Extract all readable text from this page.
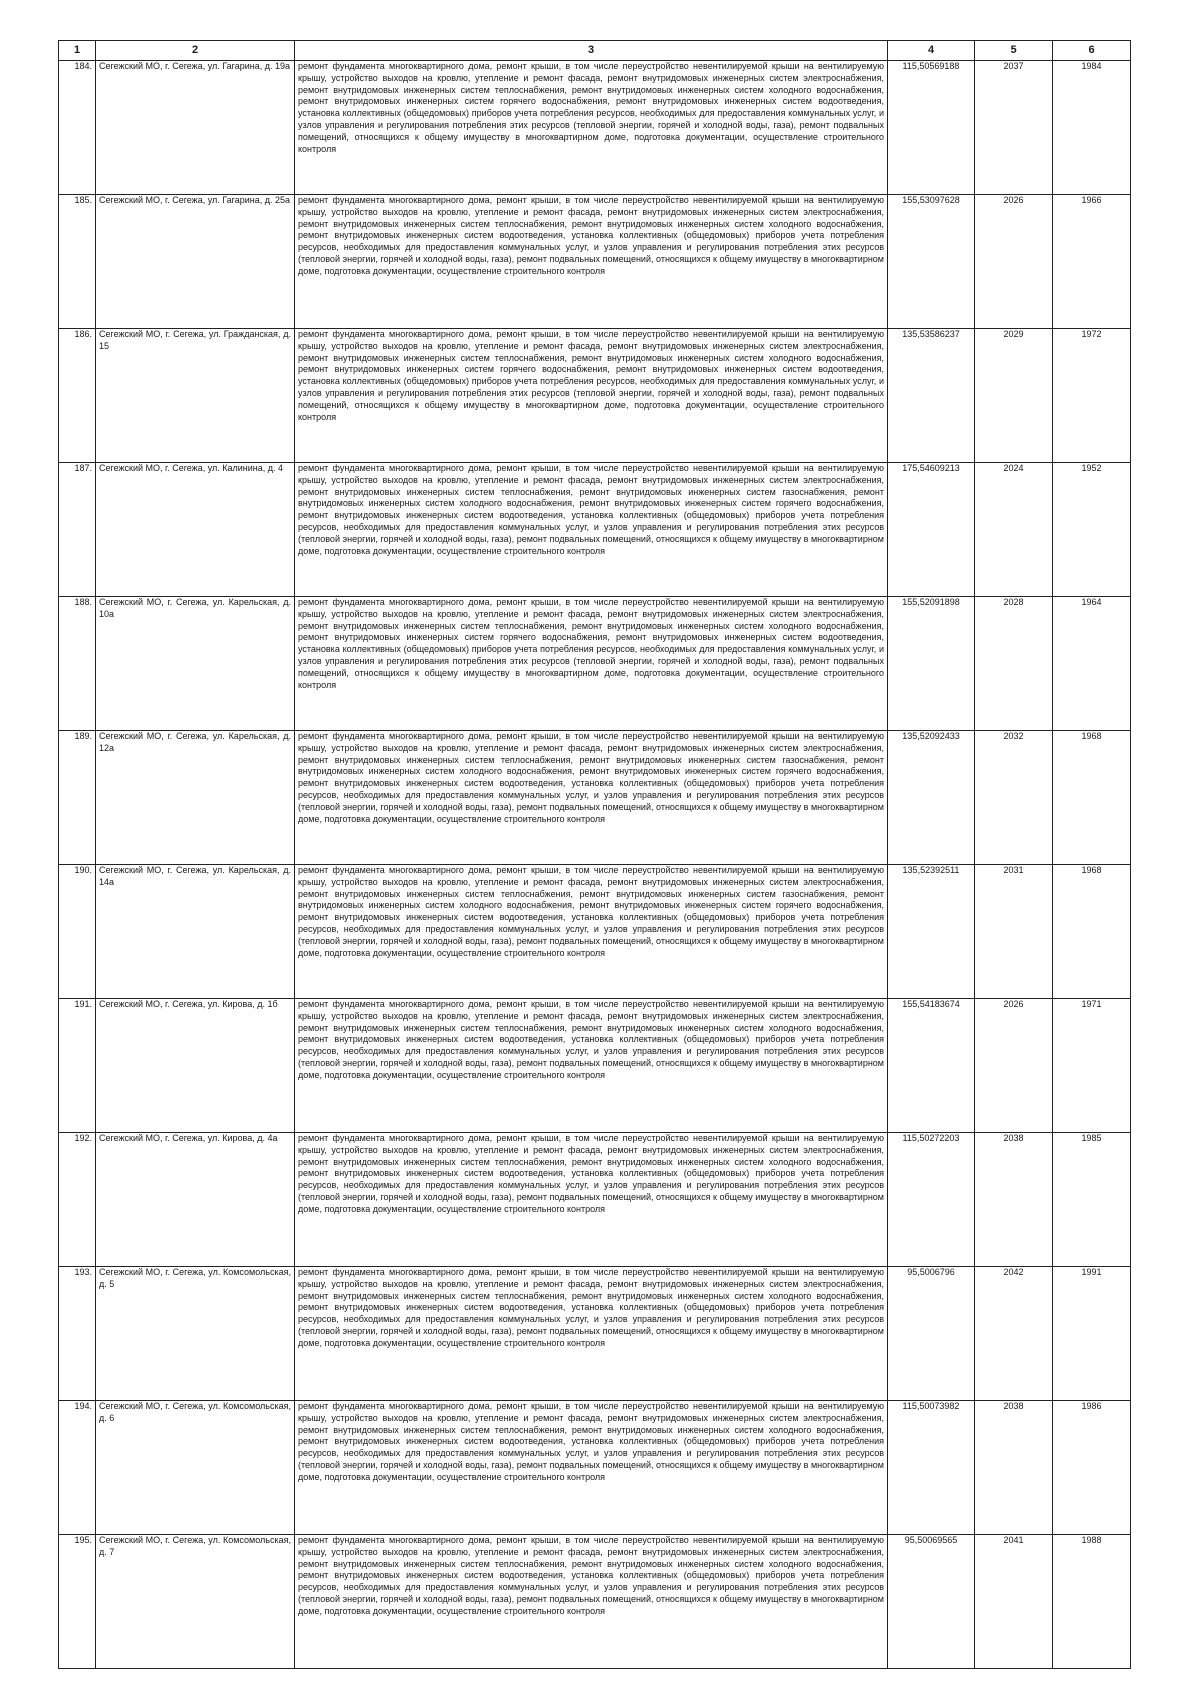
1	2	3	4	5	6
184.	Сегежский МО, г. Сегежа, ул. Гагарина, д. 19а	ремонт фундамента многоквартирного дома, ремонт крыши, в том числе переустройство невентилируемой крыши на вентилируемую крышу, устройство выходов на кровлю, утепление и ремонт фасада, ремонт внутридомовых инженерных систем электроснабжения, ремонт внутридомовых инженерных систем теплоснабжения, ремонт внутридомовых инженерных систем холодного водоснабжения, ремонт внутридомовых инженерных систем горячего водоснабжения, ремонт внутридомовых инженерных систем водоотведения, установка коллективных (общедомовых) приборов учета потребления ресурсов, необходимых для предоставления коммунальных услуг, и узлов управления и регулирования потребления этих ресурсов (тепловой энергии, горячей и холодной воды, газа), ремонт подвальных помещений, относящихся к общему имуществу в многоквартирном доме, подготовка документации, осуществление строительного контроля	115,50569188	2037	1984
185.	Сегежский МО, г. Сегежа, ул. Гагарина, д. 25а	ремонт фундамента многоквартирного дома, ремонт крыши, в том числе переустройство невентилируемой крыши на вентилируемую крышу, устройство выходов на кровлю, утепление и ремонт фасада, ремонт внутридомовых инженерных систем электроснабжения, ремонт внутридомовых инженерных систем теплоснабжения, ремонт внутридомовых инженерных систем холодного водоснабжения, ремонт внутридомовых инженерных систем водоотведения, установка коллективных (общедомовых) приборов учета потребления ресурсов, необходимых для предоставления коммунальных услуг, и узлов управления и регулирования потребления этих ресурсов (тепловой энергии, горячей и холодной воды, газа), ремонт подвальных помещений, относящихся к общему имуществу в многоквартирном доме, подготовка документации, осуществление строительного контроля	155,53097628	2026	1966
186.	Сегежский МО, г. Сегежа, ул. Гражданская, д. 15	ремонт фундамента многоквартирного дома, ремонт крыши, в том числе переустройство невентилируемой крыши на вентилируемую крышу, устройство выходов на кровлю, утепление и ремонт фасада, ремонт внутридомовых инженерных систем электроснабжения, ремонт внутридомовых инженерных систем теплоснабжения, ремонт внутридомовых инженерных систем холодного водоснабжения, ремонт внутридомовых инженерных систем горячего водоснабжения, ремонт внутридомовых инженерных систем водоотведения, установка коллективных (общедомовых) приборов учета потребления ресурсов, необходимых для предоставления коммунальных услуг, и узлов управления и регулирования потребления этих ресурсов (тепловой энергии, горячей и холодной воды, газа), ремонт подвальных помещений, относящихся к общему имуществу в многоквартирном доме, подготовка документации, осуществление строительного контроля	135,53586237	2029	1972
187.	Сегежский МО, г. Сегежа, ул. Калинина, д. 4	ремонт фундамента многоквартирного дома, ремонт крыши, в том числе переустройство невентилируемой крыши на вентилируемую крышу, устройство выходов на кровлю, утепление и ремонт фасада, ремонт внутридомовых инженерных систем электроснабжения, ремонт внутридомовых инженерных систем теплоснабжения, ремонт внутридомовых инженерных систем газоснабжения, ремонт внутридомовых инженерных систем холодного водоснабжения, ремонт внутридомовых инженерных систем горячего водоснабжения, ремонт внутридомовых инженерных систем водоотведения, установка коллективных (общедомовых) приборов учета потребления ресурсов, необходимых для предоставления коммунальных услуг, и узлов управления и регулирования потребления этих ресурсов (тепловой энергии, горячей и холодной воды, газа), ремонт подвальных помещений, относящихся к общему имуществу в многоквартирном доме, подготовка документации, осуществление строительного контроля	175,54609213	2024	1952
188.	Сегежский МО, г. Сегежа, ул. Карельская, д. 10а	ремонт фундамента многоквартирного дома, ремонт крыши, в том числе переустройство невентилируемой крыши на вентилируемую крышу, устройство выходов на кровлю, утепление и ремонт фасада, ремонт внутридомовых инженерных систем электроснабжения, ремонт внутридомовых инженерных систем теплоснабжения, ремонт внутридомовых инженерных систем холодного водоснабжения, ремонт внутридомовых инженерных систем горячего водоснабжения, ремонт внутридомовых инженерных систем водоотведения, установка коллективных (общедомовых) приборов учета потребления ресурсов, необходимых для предоставления коммунальных услуг, и узлов управления и регулирования потребления этих ресурсов (тепловой энергии, горячей и холодной воды, газа), ремонт подвальных помещений, относящихся к общему имуществу в многоквартирном доме, подготовка документации, осуществление строительного контроля	155,52091898	2028	1964
189.	Сегежский МО, г. Сегежа, ул. Карельская, д. 12а	ремонт фундамента многоквартирного дома, ремонт крыши, в том числе переустройство невентилируемой крыши на вентилируемую крышу, устройство выходов на кровлю, утепление и ремонт фасада, ремонт внутридомовых инженерных систем электроснабжения, ремонт внутридомовых инженерных систем теплоснабжения, ремонт внутридомовых инженерных систем газоснабжения, ремонт внутридомовых инженерных систем холодного водоснабжения, ремонт внутридомовых инженерных систем горячего водоснабжения, ремонт внутридомовых инженерных систем водоотведения, установка коллективных (общедомовых) приборов учета потребления ресурсов, необходимых для предоставления коммунальных услуг, и узлов управления и регулирования потребления этих ресурсов (тепловой энергии, горячей и холодной воды, газа), ремонт подвальных помещений, относящихся к общему имуществу в многоквартирном доме, подготовка документации, осуществление строительного контроля	135,52092433	2032	1968
190.	Сегежский МО, г. Сегежа, ул. Карельская, д. 14а	ремонт фундамента многоквартирного дома, ремонт крыши, в том числе переустройство невентилируемой крыши на вентилируемую крышу, устройство выходов на кровлю, утепление и ремонт фасада, ремонт внутридомовых инженерных систем электроснабжения, ремонт внутридомовых инженерных систем теплоснабжения, ремонт внутридомовых инженерных систем газоснабжения, ремонт внутридомовых инженерных систем холодного водоснабжения, ремонт внутридомовых инженерных систем горячего водоснабжения, ремонт внутридомовых инженерных систем водоотведения, установка коллективных (общедомовых) приборов учета потребления ресурсов, необходимых для предоставления коммунальных услуг, и узлов управления и регулирования потребления этих ресурсов (тепловой энергии, горячей и холодной воды, газа), ремонт подвальных помещений, относящихся к общему имуществу в многоквартирном доме, подготовка документации, осуществление строительного контроля	135,52392511	2031	1968
191.	Сегежский МО, г. Сегежа, ул. Кирова, д. 1б	ремонт фундамента многоквартирного дома, ремонт крыши, в том числе переустройство невентилируемой крыши на вентилируемую крышу, устройство выходов на кровлю, утепление и ремонт фасада, ремонт внутридомовых инженерных систем электроснабжения, ремонт внутридомовых инженерных систем теплоснабжения, ремонт внутридомовых инженерных систем холодного водоснабжения, ремонт внутридомовых инженерных систем водоотведения, установка коллективных (общедомовых) приборов учета потребления ресурсов, необходимых для предоставления коммунальных услуг, и узлов управления и регулирования потребления этих ресурсов (тепловой энергии, горячей и холодной воды, газа), ремонт подвальных помещений, относящихся к общему имуществу в многоквартирном доме, подготовка документации, осуществление строительного контроля	155,54183674	2026	1971
192.	Сегежский МО, г. Сегежа, ул. Кирова, д. 4а	ремонт фундамента многоквартирного дома, ремонт крыши, в том числе переустройство невентилируемой крыши на вентилируемую крышу, устройство выходов на кровлю, утепление и ремонт фасада, ремонт внутридомовых инженерных систем электроснабжения, ремонт внутридомовых инженерных систем теплоснабжения, ремонт внутридомовых инженерных систем холодного водоснабжения, ремонт внутридомовых инженерных систем водоотведения, установка коллективных (общедомовых) приборов учета потребления ресурсов, необходимых для предоставления коммунальных услуг, и узлов управления и регулирования потребления этих ресурсов (тепловой энергии, горячей и холодной воды, газа), ремонт подвальных помещений, относящихся к общему имуществу в многоквартирном доме, подготовка документации, осуществление строительного контроля	115,50272203	2038	1985
193.	Сегежский МО, г. Сегежа, ул. Комсомольская, д. 5	ремонт фундамента многоквартирного дома, ремонт крыши, в том числе переустройство невентилируемой крыши на вентилируемую крышу, устройство выходов на кровлю, утепление и ремонт фасада, ремонт внутридомовых инженерных систем электроснабжения, ремонт внутридомовых инженерных систем теплоснабжения, ремонт внутридомовых инженерных систем холодного водоснабжения, ремонт внутридомовых инженерных систем водоотведения, установка коллективных (общедомовых) приборов учета потребления ресурсов, необходимых для предоставления коммунальных услуг, и узлов управления и регулирования потребления этих ресурсов (тепловой энергии, горячей и холодной воды, газа), ремонт подвальных помещений, относящихся к общему имуществу в многоквартирном доме, подготовка документации, осуществление строительного контроля	95,5006796	2042	1991
194.	Сегежский МО, г. Сегежа, ул. Комсомольская, д. 6	ремонт фундамента многоквартирного дома, ремонт крыши, в том числе переустройство невентилируемой крыши на вентилируемую крышу, устройство выходов на кровлю, утепление и ремонт фасада, ремонт внутридомовых инженерных систем электроснабжения, ремонт внутридомовых инженерных систем теплоснабжения, ремонт внутридомовых инженерных систем холодного водоснабжения, ремонт внутридомовых инженерных систем водоотведения, установка коллективных (общедомовых) приборов учета потребления ресурсов, необходимых для предоставления коммунальных услуг, и узлов управления и регулирования потребления этих ресурсов (тепловой энергии, горячей и холодной воды, газа), ремонт подвальных помещений, относящихся к общему имуществу в многоквартирном доме, подготовка документации, осуществление строительного контроля	115,50073982	2038	1986
195.	Сегежский МО, г. Сегежа, ул. Комсомольская, д. 7	ремонт фундамента многоквартирного дома, ремонт крыши, в том числе переустройство невентилируемой крыши на вентилируемую крышу, устройство выходов на кровлю, утепление и ремонт фасада, ремонт внутридомовых инженерных систем электроснабжения, ремонт внутридомовых инженерных систем теплоснабжения, ремонт внутридомовых инженерных систем холодного водоснабжения, ремонт внутридомовых инженерных систем водоотведения, установка коллективных (общедомовых) приборов учета потребления ресурсов, необходимых для предоставления коммунальных услуг, и узлов управления и регулирования потребления этих ресурсов (тепловой энергии, горячей и холодной воды, газа), ремонт подвальных помещений, относящихся к общему имуществу в многоквартирном доме, подготовка документации, осуществление строительного контроля	95,50069565	2041	1988
